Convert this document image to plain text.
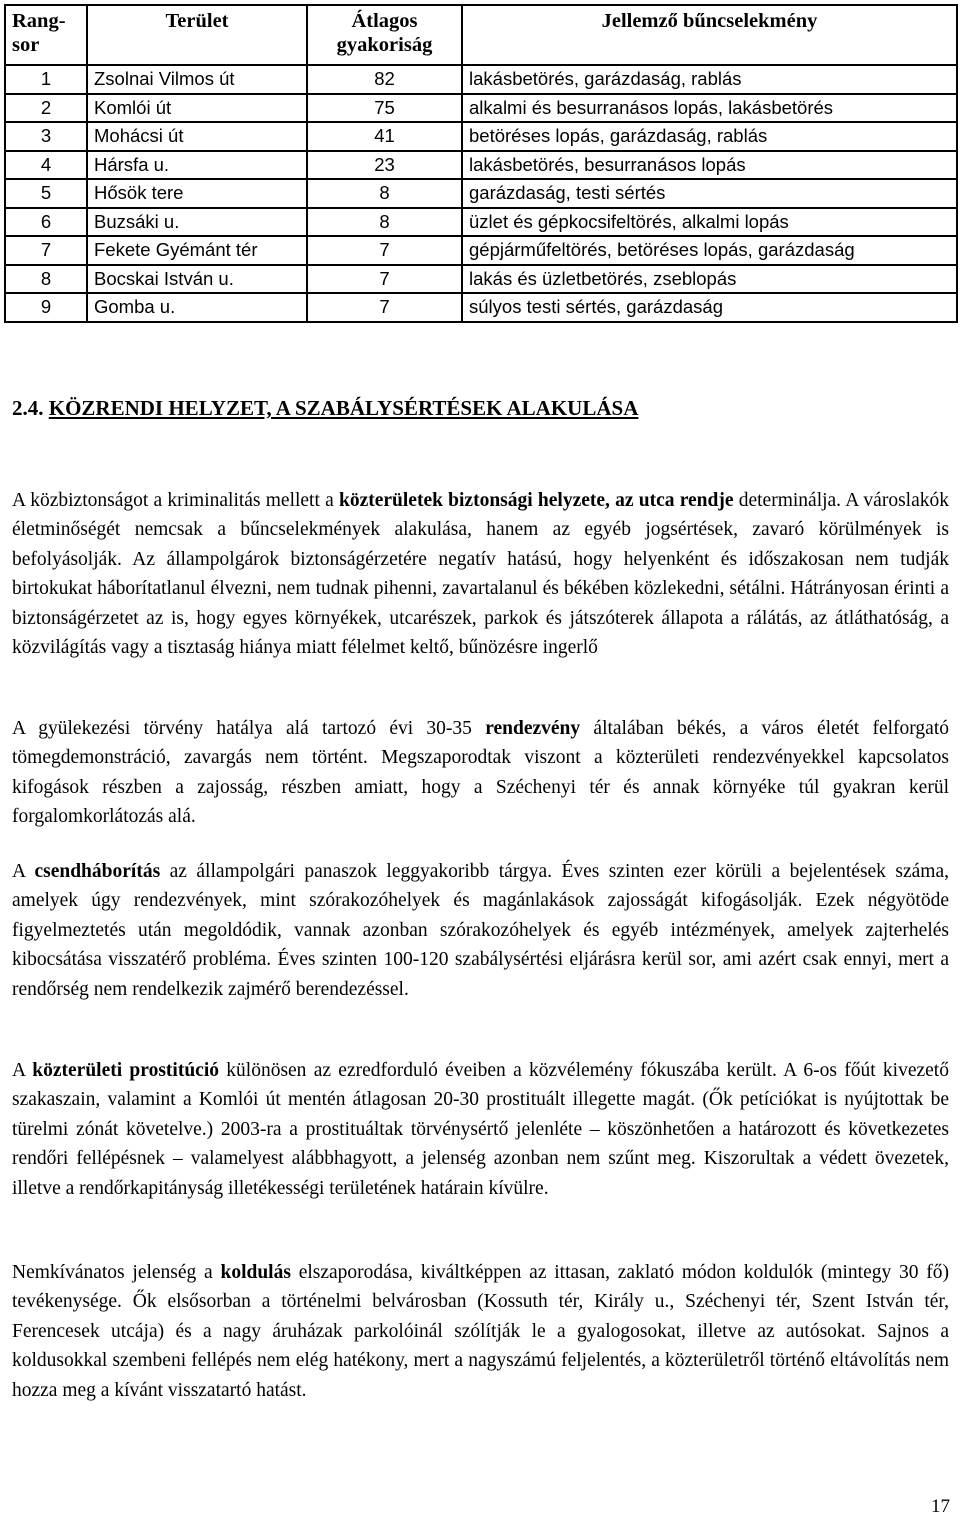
Rang-sor	Terület	Átlagos gyakoriság	Jellemző bűncselekmény
1	Zsolnai Vilmos út	82	lakásbetörés, garázdaság, rablás
2	Komlói út	75	alkalmi és besurranásos lopás, lakásbetörés
3	Mohácsi út	41	betöréses lopás, garázdaság, rablás
4	Hársfa u.	23	lakásbetörés, besurranásos lopás
5	Hősök tere	8	garázdaság, testi sértés
6	Buzsáki u.	8	üzlet és gépkocsifeltörés, alkalmi lopás
7	Fekete Gyémánt tér	7	gépjárműfeltörés, betöréses lopás, garázdaság
8	Bocskai István u.	7	lakás és üzletbetörés, zseblopás
9	Gomba u.	7	súlyos testi sértés, garázdaság
2.4. KÖZRENDI HELYZET, A SZABÁLYSÉRTÉSEK ALAKULÁSA

A közbiztonságot a kriminalitás mellett a közterületek biztonsági helyzete, az utca rendje determinálja. A városlakók életminőségét nemcsak a bűncselekmények alakulása, hanem az egyéb jogsértések, zavaró körülmények is befolyásolják. Az állampolgárok biztonságérzetére negatív hatású, hogy helyenként és időszakosan nem tudják birtokukat háborítatlanul élvezni, nem tudnak pihenni, zavartalanul és békében közlekedni, sétálni. Hátrányosan érinti a biztonságérzetet az is, hogy egyes környékek, utcarészek, parkok és játszóterek állapota a rálátás, az átláthatóság, a közvilágítás vagy a tisztaság hiánya miatt félelmet keltő, bűnözésre ingerlő

A gyülekezési törvény hatálya alá tartozó évi 30-35 rendezvény általában békés, a város életét felforgató tömegdemonstráció, zavargás nem történt. Megszaporodtak viszont a közterületi rendezvényekkel kapcsolatos kifogások részben a zajosság, részben amiatt, hogy a Széchenyi tér és annak környéke túl gyakran kerül forgalomkorlátozás alá.

A csendháborítás az állampolgári panaszok leggyakoribb tárgya. Éves szinten ezer körüli a bejelentések száma, amelyek úgy rendezvények, mint szórakozóhelyek és magánlakások zajosságát kifogásolják. Ezek négyötöde figyelmeztetés után megoldódik, vannak azonban szórakozóhelyek és egyéb intézmények, amelyek zajterhelés kibocsátása visszatérő probléma. Éves szinten 100-120 szabálysértési eljárásra kerül sor, ami azért csak ennyi, mert a rendőrség nem rendelkezik zajmérő berendezéssel.

A közterületi prostitúció különösen az ezredforduló éveiben a közvélemény fókuszába került. A 6-os főút kivezető szakaszain, valamint a Komlói út mentén átlagosan 20-30 prostituált illegette magát. (Ők petíciókat is nyújtottak be türelmi zónát követelve.) 2003-ra a prostituáltak törvénysértő jelenléte – köszönhetően a határozott és következetes rendőri fellépésnek – valamelyest alábbhagyott, a jelenség azonban nem szűnt meg. Kiszorultak a védett övezetek, illetve a rendőrkapitányság illetékességi területének határain kívülre.

Nemkívánatos jelenség a koldulás elszaporodása, kiváltképpen az ittasan, zaklató módon koldulók (mintegy 30 fő) tevékenysége. Ők elsősorban a történelmi belvárosban (Kossuth tér, Király u., Széchenyi tér, Szent István tér, Ferencesek utcája) és a nagy áruházak parkolóinál szólítják le a gyalogosokat, illetve az autósokat. Sajnos a koldusokkal szembeni fellépés nem elég hatékony, mert a nagyszámú feljelentés, a közterületről történő eltávolítás nem hozza meg a kívánt visszatartó hatást.

17
